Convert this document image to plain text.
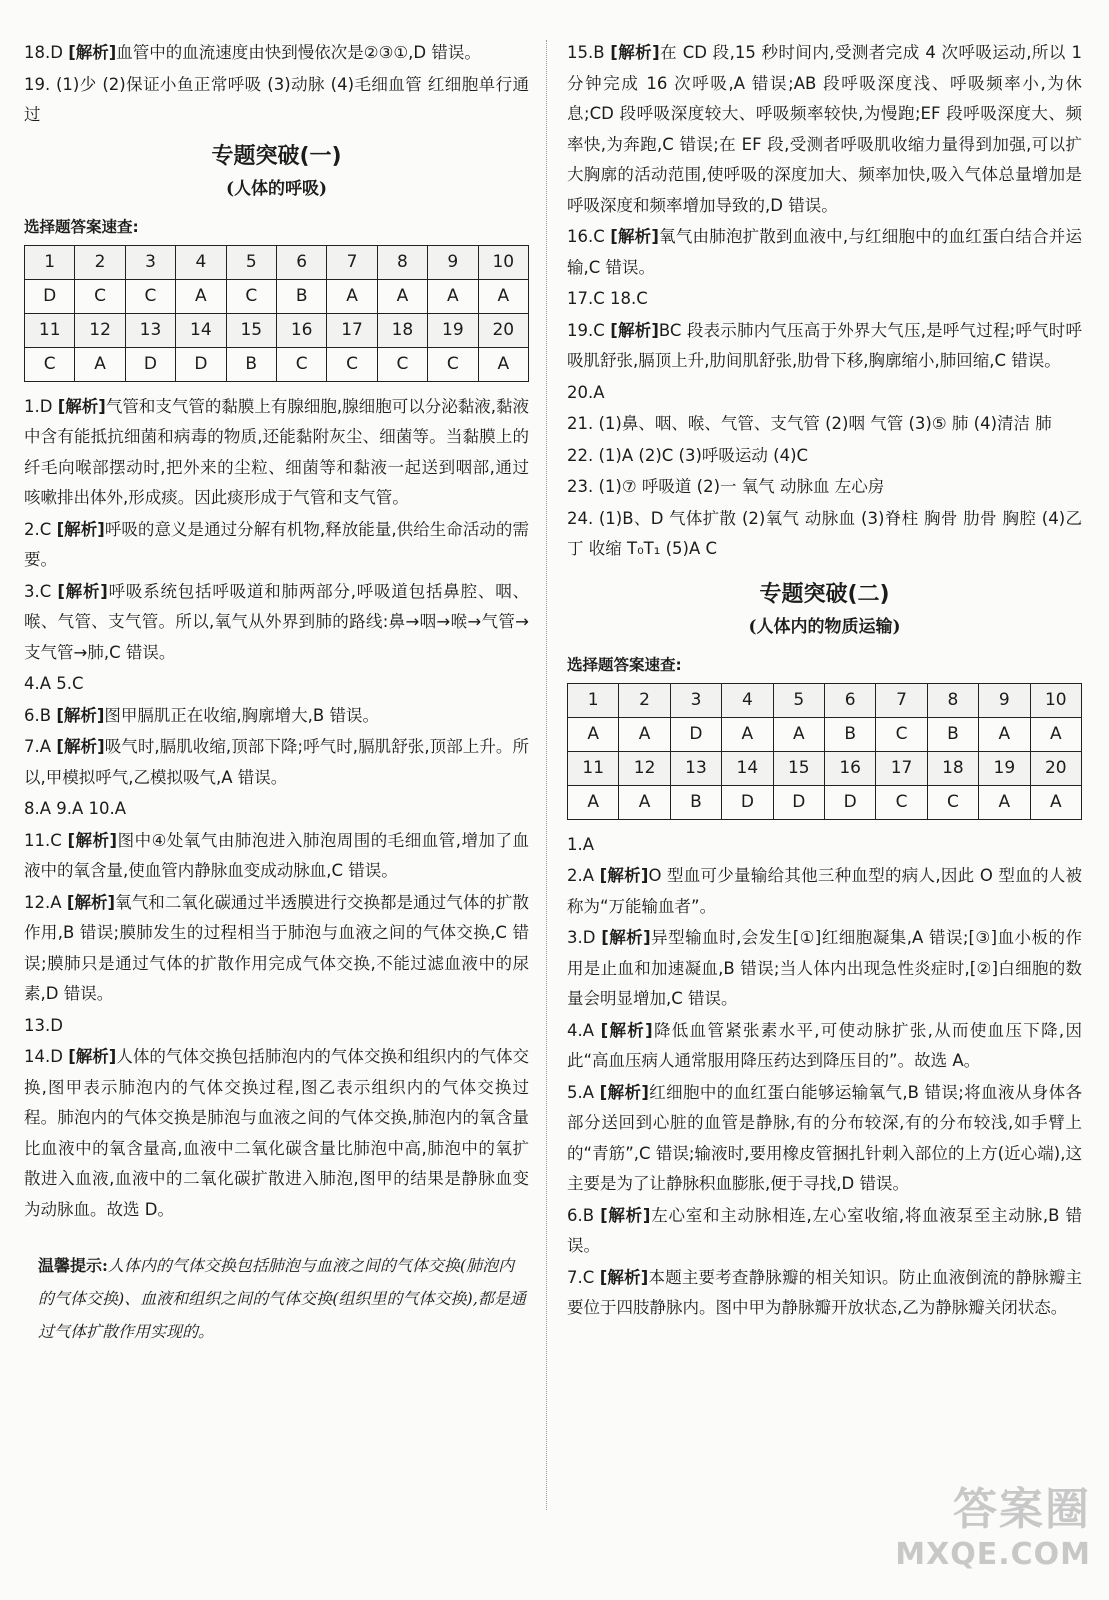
18.D [解析]血管中的血流速度由快到慢依次是②③①,D 错误。
19. (1)少 (2)保证小鱼正常呼吸 (3)动脉 (4)毛细血管 红细胞单行通过
专题突破(一)
(人体的呼吸)
选择题答案速查:
1	2	3	4	5	6	7	8	9	10
D	C	C	A	C	B	A	A	A	A
11	12	13	14	15	16	17	18	19	20
C	A	D	D	B	C	C	C	C	A
1.D [解析]气管和支气管的黏膜上有腺细胞,腺细胞可以分泌黏液,黏液中含有能抵抗细菌和病毒的物质,还能黏附灰尘、细菌等。当黏膜上的纤毛向喉部摆动时,把外来的尘粒、细菌等和黏液一起送到咽部,通过咳嗽排出体外,形成痰。因此痰形成于气管和支气管。
2.C [解析]呼吸的意义是通过分解有机物,释放能量,供给生命活动的需要。
3.C [解析]呼吸系统包括呼吸道和肺两部分,呼吸道包括鼻腔、咽、喉、气管、支气管。所以,氧气从外界到肺的路线:鼻→咽→喉→气管→支气管→肺,C 错误。
4.A 5.C
6.B [解析]图甲膈肌正在收缩,胸廓增大,B 错误。
7.A [解析]吸气时,膈肌收缩,顶部下降;呼气时,膈肌舒张,顶部上升。所以,甲模拟呼气,乙模拟吸气,A 错误。
8.A 9.A 10.A
11.C [解析]图中④处氧气由肺泡进入肺泡周围的毛细血管,增加了血液中的氧含量,使血管内静脉血变成动脉血,C 错误。
12.A [解析]氧气和二氧化碳通过半透膜进行交换都是通过气体的扩散作用,B 错误;膜肺发生的过程相当于肺泡与血液之间的气体交换,C 错误;膜肺只是通过气体的扩散作用完成气体交换,不能过滤血液中的尿素,D 错误。
13.D
14.D [解析]人体的气体交换包括肺泡内的气体交换和组织内的气体交换,图甲表示肺泡内的气体交换过程,图乙表示组织内的气体交换过程。肺泡内的气体交换是肺泡与血液之间的气体交换,肺泡内的氧含量比血液中的氧含量高,血液中二氧化碳含量比肺泡中高,肺泡中的氧扩散进入血液,血液中的二氧化碳扩散进入肺泡,图甲的结果是静脉血变为动脉血。故选 D。
温馨提示:人体内的气体交换包括肺泡与血液之间的气体交换(肺泡内的气体交换)、血液和组织之间的气体交换(组织里的气体交换),都是通过气体扩散作用实现的。
15.B [解析]在 CD 段,15 秒时间内,受测者完成 4 次呼吸运动,所以 1 分钟完成 16 次呼吸,A 错误;AB 段呼吸深度浅、呼吸频率小,为休息;CD 段呼吸深度较大、呼吸频率较快,为慢跑;EF 段呼吸深度大、频率快,为奔跑,C 错误;在 EF 段,受测者呼吸肌收缩力量得到加强,可以扩大胸廓的活动范围,使呼吸的深度加大、频率加快,吸入气体总量增加是呼吸深度和频率增加导致的,D 错误。
16.C [解析]氧气由肺泡扩散到血液中,与红细胞中的血红蛋白结合并运输,C 错误。
17.C 18.C
19.C [解析]BC 段表示肺内气压高于外界大气压,是呼气过程;呼气时呼吸肌舒张,膈顶上升,肋间肌舒张,肋骨下移,胸廓缩小,肺回缩,C 错误。
20.A
21. (1)鼻、咽、喉、气管、支气管 (2)咽 气管 (3)⑤ 肺 (4)清洁 肺
22. (1)A (2)C (3)呼吸运动 (4)C
23. (1)⑦ 呼吸道 (2)一 氧气 动脉血 左心房
24. (1)B、D 气体扩散 (2)氧气 动脉血 (3)脊柱 胸骨 肋骨 胸腔 (4)乙 丁 收缩 T₀T₁ (5)A C
专题突破(二)
(人体内的物质运输)
选择题答案速查:
1	2	3	4	5	6	7	8	9	10
A	A	D	A	A	B	C	B	A	A
11	12	13	14	15	16	17	18	19	20
A	A	B	D	D	D	C	C	A	A
1.A
2.A [解析]O 型血可少量输给其他三种血型的病人,因此 O 型血的人被称为“万能输血者”。
3.D [解析]异型输血时,会发生[①]红细胞凝集,A 错误;[③]血小板的作用是止血和加速凝血,B 错误;当人体内出现急性炎症时,[②]白细胞的数量会明显增加,C 错误。
4.A [解析]降低血管紧张素水平,可使动脉扩张,从而使血压下降,因此“高血压病人通常服用降压药达到降压目的”。故选 A。
5.A [解析]红细胞中的血红蛋白能够运输氧气,B 错误;将血液从身体各部分送回到心脏的血管是静脉,有的分布较深,有的分布较浅,如手臂上的“青筋”,C 错误;输液时,要用橡皮管捆扎针刺入部位的上方(近心端),这主要是为了让静脉积血膨胀,便于寻找,D 错误。
6.B [解析]左心室和主动脉相连,左心室收缩,将血液泵至主动脉,B 错误。
7.C [解析]本题主要考查静脉瓣的相关知识。防止血液倒流的静脉瓣主要位于四肢静脉内。图中甲为静脉瓣开放状态,乙为静脉瓣关闭状态。
答案圈
MXQE.COM
